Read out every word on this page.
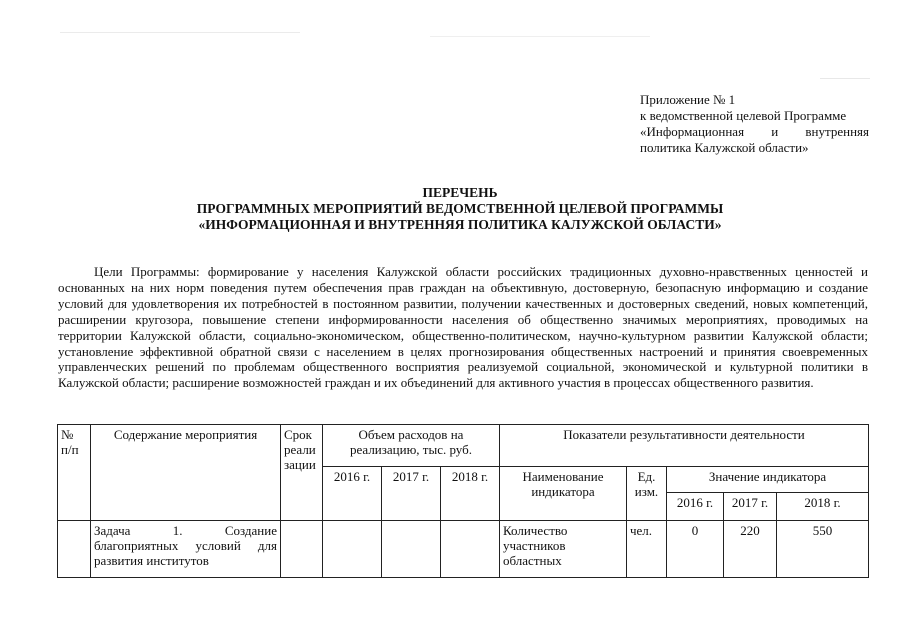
Приложение № 1
к ведомственной целевой Программе
«Информационная и внутренняя
политика Калужской области»
ПЕРЕЧЕНЬ
ПРОГРАММНЫХ МЕРОПРИЯТИЙ ВЕДОМСТВЕННОЙ ЦЕЛЕВОЙ ПРОГРАММЫ
«ИНФОРМАЦИОННАЯ И ВНУТРЕННЯЯ ПОЛИТИКА КАЛУЖСКОЙ ОБЛАСТИ»
Цели Программы: формирование у населения Калужской области российских традиционных духовно-нравственных ценностей и основанных на них норм поведения путем обеспечения прав граждан на объективную, достоверную, безопасную информацию и создание условий для удовлетворения их потребностей в постоянном развитии, получении качественных и достоверных сведений, новых компетенций, расширении кругозора, повышение степени информированности населения об общественно значимых мероприятиях, проводимых на территории Калужской области, социально-экономическом, общественно-политическом, научно-культурном развитии Калужской области; установление эффективной обратной связи с населением в целях прогнозирования общественных настроений и принятия своевременных управленческих решений по проблемам общественного восприятия реализуемой социальной, экономической и культурной политики в Калужской области; расширение возможностей граждан и их объединений для активного участия в процессах общественного развития.
№ п/п	Содержание мероприятия	Срок реали зации	Объем расходов на реализацию, тыс. руб.			Показатели результативности деятельности				
			2016 г.	2017 г.	2018 г.	Наименование индикатора	Ед. изм.	Значение индикатора		
								2016 г.	2017 г.	2018 г.
	Задача 1. Создание благоприятных условий для развития институтов					Количество участников областных	чел.	0	220	550
